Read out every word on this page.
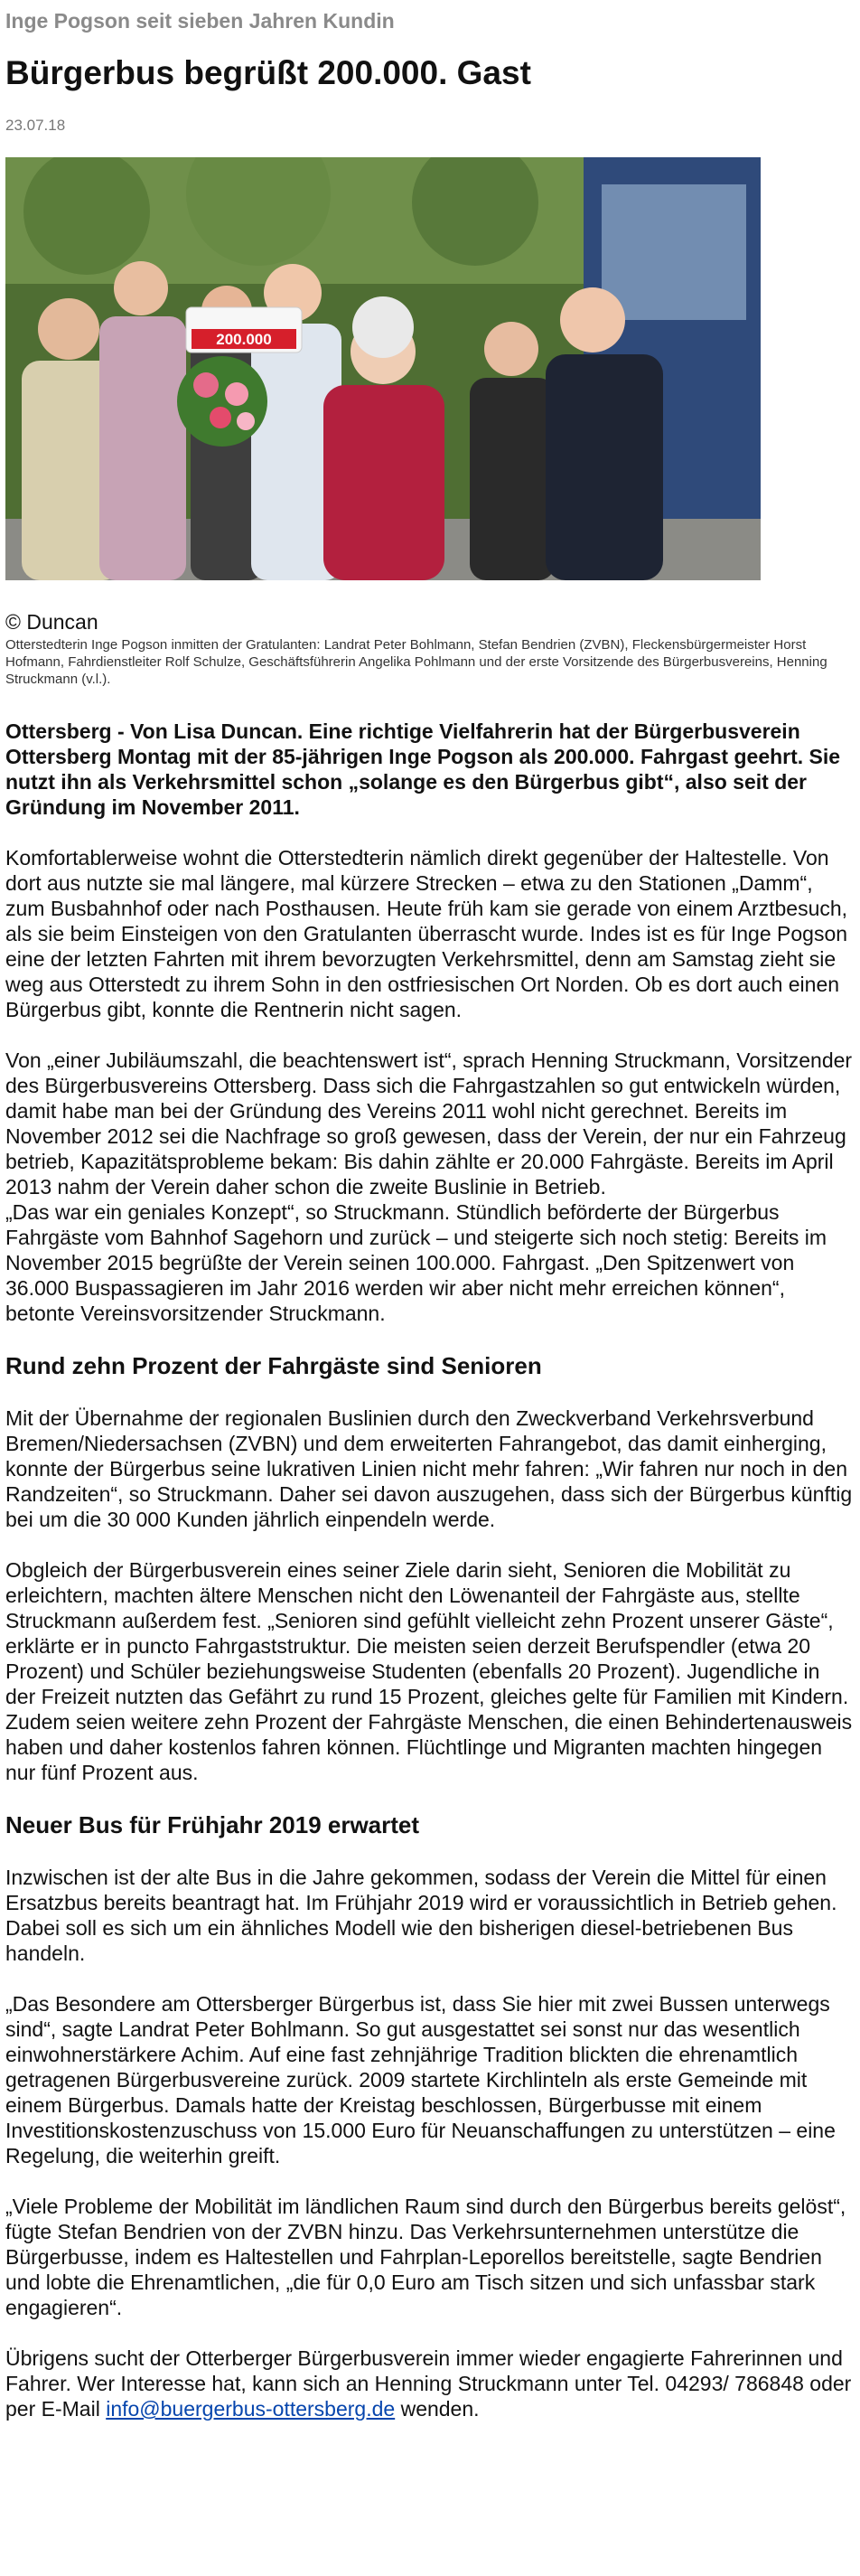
Inge Pogson seit sieben Jahren Kundin

Bürgerbus begrüßt 200.000. Gast

23.07.18

200.000

© Duncan

Otterstedterin Inge Pogson inmitten der Gratulanten: Landrat Peter Bohlmann, Stefan Bendrien (ZVBN), Fleckensbürgermeister Horst Hofmann, Fahrdienstleiter Rolf Schulze, Geschäftsführerin Angelika Pohlmann und der erste Vorsitzende des Bürgerbusvereins, Henning Struckmann (v.l.).

Ottersberg - Von Lisa Duncan. Eine richtige Vielfahrerin hat der Bürgerbusverein Ottersberg Montag mit der 85-jährigen Inge Pogson als 200.000. Fahrgast geehrt. Sie nutzt ihn als Verkehrsmittel schon „solange es den Bürgerbus gibt“, also seit der Gründung im November 2011.

Komfortablerweise wohnt die Otterstedterin nämlich direkt gegenüber der Haltestelle. Von dort aus nutzte sie mal längere, mal kürzere Strecken – etwa zu den Stationen „Damm“, zum Busbahnhof oder nach Posthausen. Heute früh kam sie gerade von einem Arztbesuch, als sie beim Einsteigen von den Gratulanten überrascht wurde. Indes ist es für Inge Pogson eine der letzten Fahrten mit ihrem bevorzugten Verkehrsmittel, denn am Samstag zieht sie weg aus Otterstedt zu ihrem Sohn in den ostfriesischen Ort Norden. Ob es dort auch einen Bürgerbus gibt, konnte die Rentnerin nicht sagen.

Von „einer Jubiläumszahl, die beachtenswert ist“, sprach Henning Struckmann, Vorsitzender des Bürgerbusvereins Ottersberg. Dass sich die Fahrgastzahlen so gut entwickeln würden, damit habe man bei der Gründung des Vereins 2011 wohl nicht gerechnet. Bereits im November 2012 sei die Nachfrage so groß gewesen, dass der Verein, der nur ein Fahrzeug betrieb, Kapazitätsprobleme bekam: Bis dahin zählte er 20.000 Fahrgäste. Bereits im April 2013 nahm der Verein daher schon die zweite Buslinie in Betrieb.

„Das war ein geniales Konzept“, so Struckmann. Stündlich beförderte der Bürgerbus Fahrgäste vom Bahnhof Sagehorn und zurück – und steigerte sich noch stetig: Bereits im November 2015 begrüßte der Verein seinen 100.000. Fahrgast. „Den Spitzenwert von 36.000 Buspassagieren im Jahr 2016 werden wir aber nicht mehr erreichen können“, betonte Vereinsvorsitzender Struckmann.

Rund zehn Prozent der Fahrgäste sind Senioren

Mit der Übernahme der regionalen Buslinien durch den Zweckverband Verkehrsverbund Bremen/Niedersachsen (ZVBN) und dem erweiterten Fahrangebot, das damit einherging, konnte der Bürgerbus seine lukrativen Linien nicht mehr fahren: „Wir fahren nur noch in den Randzeiten“, so Struckmann. Daher sei davon auszugehen, dass sich der Bürgerbus künftig bei um die 30 000 Kunden jährlich einpendeln werde.

Obgleich der Bürgerbusverein eines seiner Ziele darin sieht, Senioren die Mobilität zu erleichtern, machten ältere Menschen nicht den Löwenanteil der Fahrgäste aus, stellte Struckmann außerdem fest. „Senioren sind gefühlt vielleicht zehn Prozent unserer Gäste“, erklärte er in puncto Fahrgaststruktur. Die meisten seien derzeit Berufspendler (etwa 20 Prozent) und Schüler beziehungsweise Studenten (ebenfalls 20 Prozent). Jugendliche in der Freizeit nutzten das Gefährt zu rund 15 Prozent, gleiches gelte für Familien mit Kindern. Zudem seien weitere zehn Prozent der Fahrgäste Menschen, die einen Behindertenausweis haben und daher kostenlos fahren können. Flüchtlinge und Migranten machten hingegen nur fünf Prozent aus.

Neuer Bus für Frühjahr 2019 erwartet

Inzwischen ist der alte Bus in die Jahre gekommen, sodass der Verein die Mittel für einen Ersatzbus bereits beantragt hat. Im Frühjahr 2019 wird er voraussichtlich in Betrieb gehen. Dabei soll es sich um ein ähnliches Modell wie den bisherigen diesel-betriebenen Bus handeln.

„Das Besondere am Ottersberger Bürgerbus ist, dass Sie hier mit zwei Bussen unterwegs sind“, sagte Landrat Peter Bohlmann. So gut ausgestattet sei sonst nur das wesentlich einwohnerstärkere Achim. Auf eine fast zehnjährige Tradition blickten die ehrenamtlich getragenen Bürgerbusvereine zurück. 2009 startete Kirchlinteln als erste Gemeinde mit einem Bürgerbus. Damals hatte der Kreistag beschlossen, Bürgerbusse mit einem Investitionskostenzuschuss von 15.000 Euro für Neuanschaffungen zu unterstützen – eine Regelung, die weiterhin greift.

„Viele Probleme der Mobilität im ländlichen Raum sind durch den Bürgerbus bereits gelöst“, fügte Stefan Bendrien von der ZVBN hinzu. Das Verkehrsunternehmen unterstütze die Bürgerbusse, indem es Haltestellen und Fahrplan-Leporellos bereitstelle, sagte Bendrien und lobte die Ehrenamtlichen, „die für 0,0 Euro am Tisch sitzen und sich unfassbar stark engagieren“.

Übrigens sucht der Otterberger Bürgerbusverein immer wieder engagierte Fahrerinnen und Fahrer. Wer Interesse hat, kann sich an Henning Struckmann unter Tel. 04293/ 786848 oder per E-Mail info@buergerbus-ottersberg.de wenden.
